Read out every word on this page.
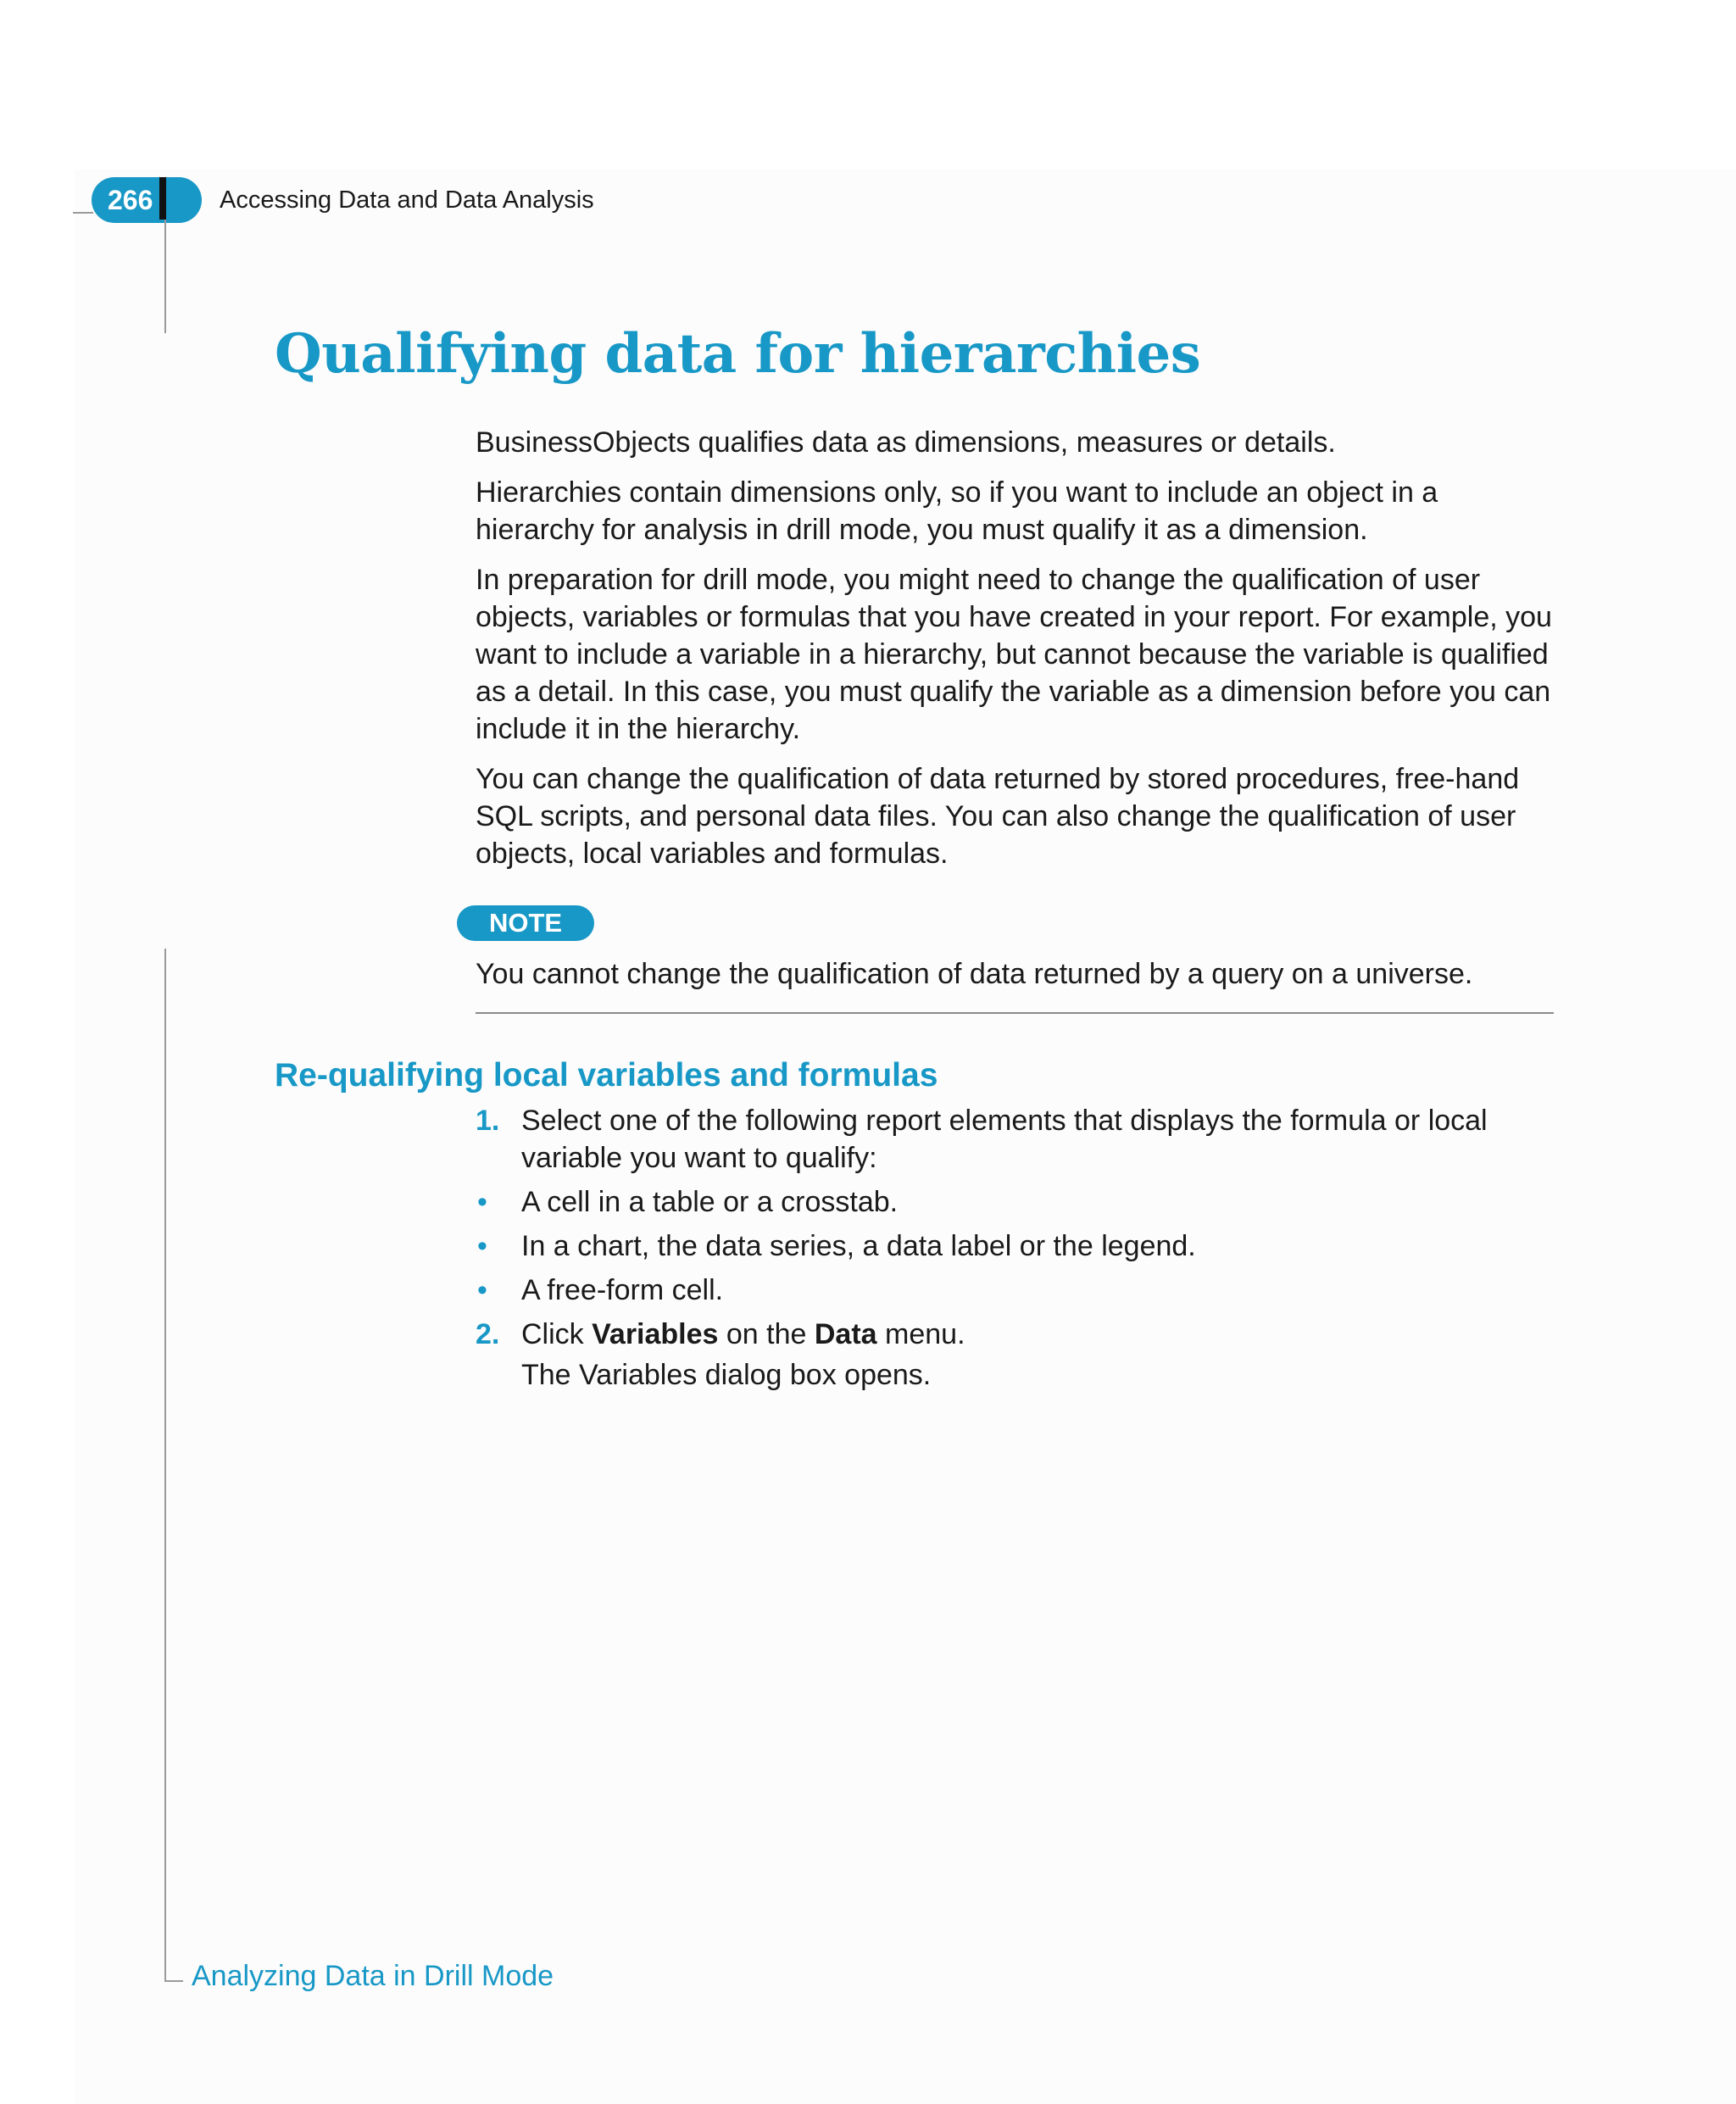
266	Accessing Data and Data Analysis
Qualifying data for hierarchies

BusinessObjects qualifies data as dimensions, measures or details.

Hierarchies contain dimensions only, so if you want to include an object in a hierarchy for analysis in drill mode, you must qualify it as a dimension.

In preparation for drill mode, you might need to change the qualification of user objects, variables or formulas that you have created in your report. For example, you want to include a variable in a hierarchy, but cannot because the variable is qualified as a detail. In this case, you must qualify the variable as a dimension before you can include it in the hierarchy.

You can change the qualification of data returned by stored procedures, free-hand SQL scripts, and personal data files. You can also change the qualification of user objects, local variables and formulas.

NOTE
You cannot change the qualification of data returned by a query on a universe.
Re-qualifying local variables and formulas
1. Select one of the following report elements that displays the formula or local variable you want to qualify:
• A cell in a table or a crosstab.
• In a chart, the data series, a data label or the legend.
• A free-form cell.
2. Click Variables on the Data menu.
The Variables dialog box opens.
Analyzing Data in Drill Mode
